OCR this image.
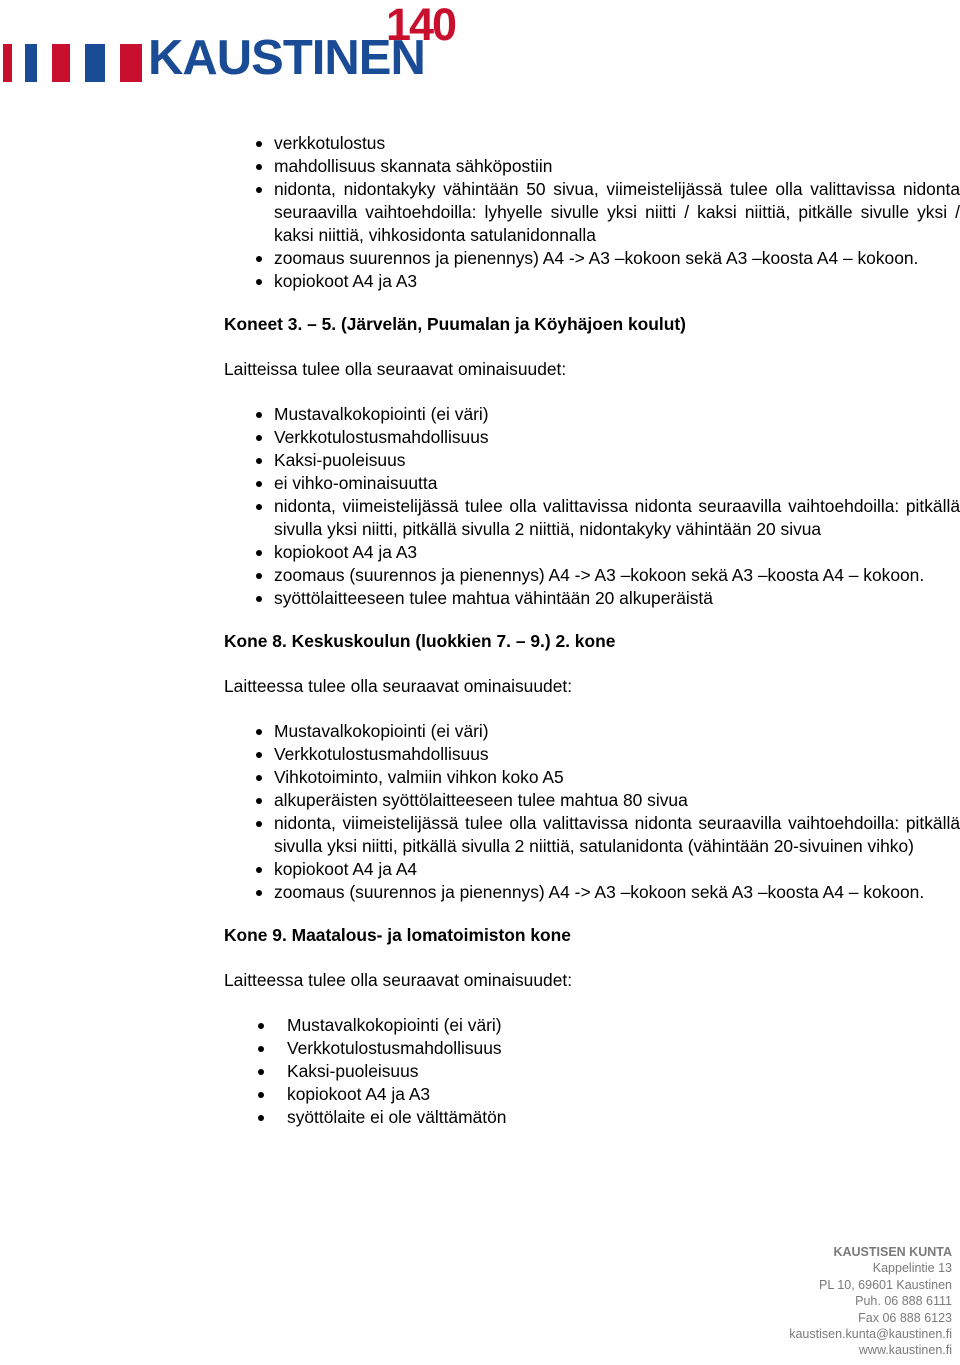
KAUSTINEN
140
verkkotulostus
mahdollisuus skannata sähköpostiin
nidonta, nidontakyky vähintään 50 sivua, viimeistelijässä tulee olla valittavissa nidonta seuraavilla vaihtoehdoilla: lyhyelle sivulle yksi niitti / kaksi niittiä, pitkälle sivulle yksi / kaksi niittiä, vihkosidonta satulanidonnalla
zoomaus suurennos ja pienennys) A4 -> A3 –kokoon sekä A3 –koosta A4 – kokoon.
kopiokoot A4 ja A3
Koneet 3. – 5. (Järvelän, Puumalan ja Köyhäjoen koulut)
Laitteissa tulee olla seuraavat ominaisuudet:
Mustavalkokopiointi (ei väri)
Verkkotulostusmahdollisuus
Kaksi-puoleisuus
ei vihko-ominaisuutta
nidonta, viimeistelijässä tulee olla valittavissa nidonta seuraavilla vaihtoehdoilla: pitkällä sivulla yksi niitti, pitkällä sivulla 2 niittiä, nidontakyky vähintään 20 sivua
kopiokoot A4 ja A3
zoomaus (suurennos ja pienennys) A4 -> A3 –kokoon sekä A3 –koosta A4 – kokoon.
syöttölaitteeseen tulee mahtua vähintään 20 alkuperäistä
Kone 8. Keskuskoulun (luokkien 7. – 9.) 2. kone
Laitteessa tulee olla seuraavat ominaisuudet:
Mustavalkokopiointi (ei väri)
Verkkotulostusmahdollisuus
Vihkotoiminto, valmiin vihkon koko A5
alkuperäisten syöttölaitteeseen tulee mahtua 80 sivua
nidonta, viimeistelijässä tulee olla valittavissa nidonta seuraavilla vaihtoehdoilla: pitkällä sivulla yksi niitti, pitkällä sivulla 2 niittiä, satulanidonta (vähintään 20-sivuinen vihko)
kopiokoot A4 ja A4
zoomaus (suurennos ja pienennys) A4 -> A3 –kokoon sekä A3 –koosta A4 – kokoon.
Kone 9. Maatalous- ja lomatoimiston kone
Laitteessa tulee olla seuraavat ominaisuudet:
Mustavalkokopiointi (ei väri)
Verkkotulostusmahdollisuus
Kaksi-puoleisuus
kopiokoot A4 ja A3
syöttölaite ei ole välttämätön
KAUSTISEN KUNTA
Kappelintie 13
PL 10, 69601 Kaustinen
Puh. 06 888 6111
Fax 06 888 6123
kaustisen.kunta@kaustinen.fi
www.kaustinen.fi
